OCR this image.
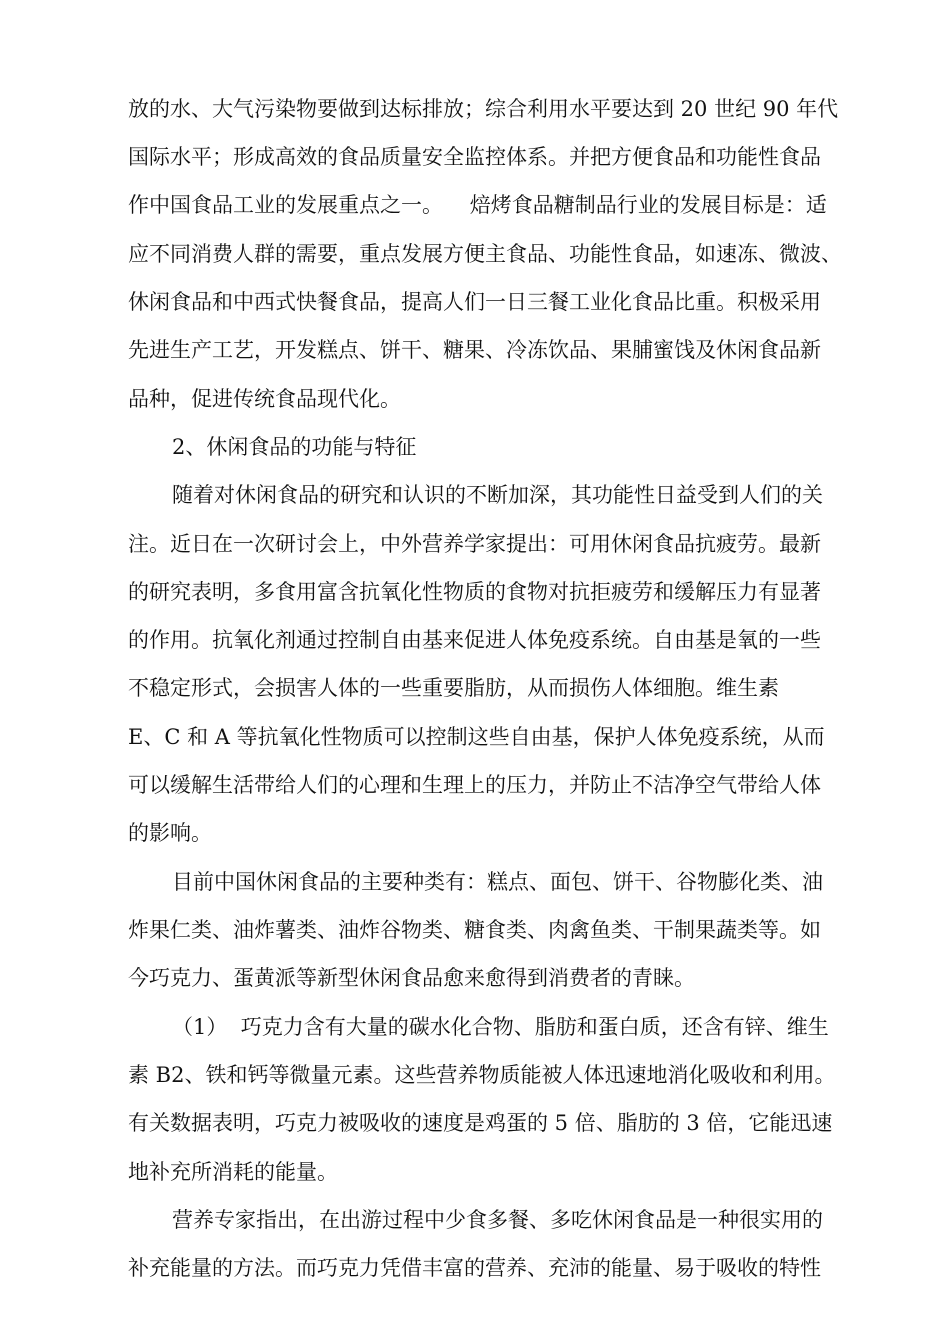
放的水、大气污染物要做到达标排放；综合利用水平要达到 20 世纪 90 年代
国际水平；形成高效的食品质量安全监控体系。并把方便食品和功能性食品
作中国食品工业的发展重点之一。    焙烤食品糖制品行业的发展目标是：适
应不同消费人群的需要，重点发展方便主食品、功能性食品，如速冻、微波、
休闲食品和中西式快餐食品，提高人们一日三餐工业化食品比重。积极采用
先进生产工艺，开发糕点、饼干、糖果、冷冻饮品、果脯蜜饯及休闲食品新
品种，促进传统食品现代化。
2、休闲食品的功能与特征
随着对休闲食品的研究和认识的不断加深，其功能性日益受到人们的关
注。近日在一次研讨会上，中外营养学家提出：可用休闲食品抗疲劳。最新
的研究表明，多食用富含抗氧化性物质的食物对抗拒疲劳和缓解压力有显著
的作用。抗氧化剂通过控制自由基来促进人体免疫系统。自由基是氧的一些
不稳定形式，会损害人体的一些重要脂肪，从而损伤人体细胞。维生素
E、C 和 A 等抗氧化性物质可以控制这些自由基，保护人体免疫系统，从而
可以缓解生活带给人们的心理和生理上的压力，并防止不洁净空气带给人体
的影响。
目前中国休闲食品的主要种类有：糕点、面包、饼干、谷物膨化类、油
炸果仁类、油炸薯类、油炸谷物类、糖食类、肉禽鱼类、干制果蔬类等。如
今巧克力、蛋黄派等新型休闲食品愈来愈得到消费者的青睐。
（1）  巧克力含有大量的碳水化合物、脂肪和蛋白质，还含有锌、维生
素 B2、铁和钙等微量元素。这些营养物质能被人体迅速地消化吸收和利用。
有关数据表明，巧克力被吸收的速度是鸡蛋的 5 倍、脂肪的 3 倍，它能迅速
地补充所消耗的能量。
营养专家指出，在出游过程中少食多餐、多吃休闲食品是一种很实用的
补充能量的方法。而巧克力凭借丰富的营养、充沛的能量、易于吸收的特性
